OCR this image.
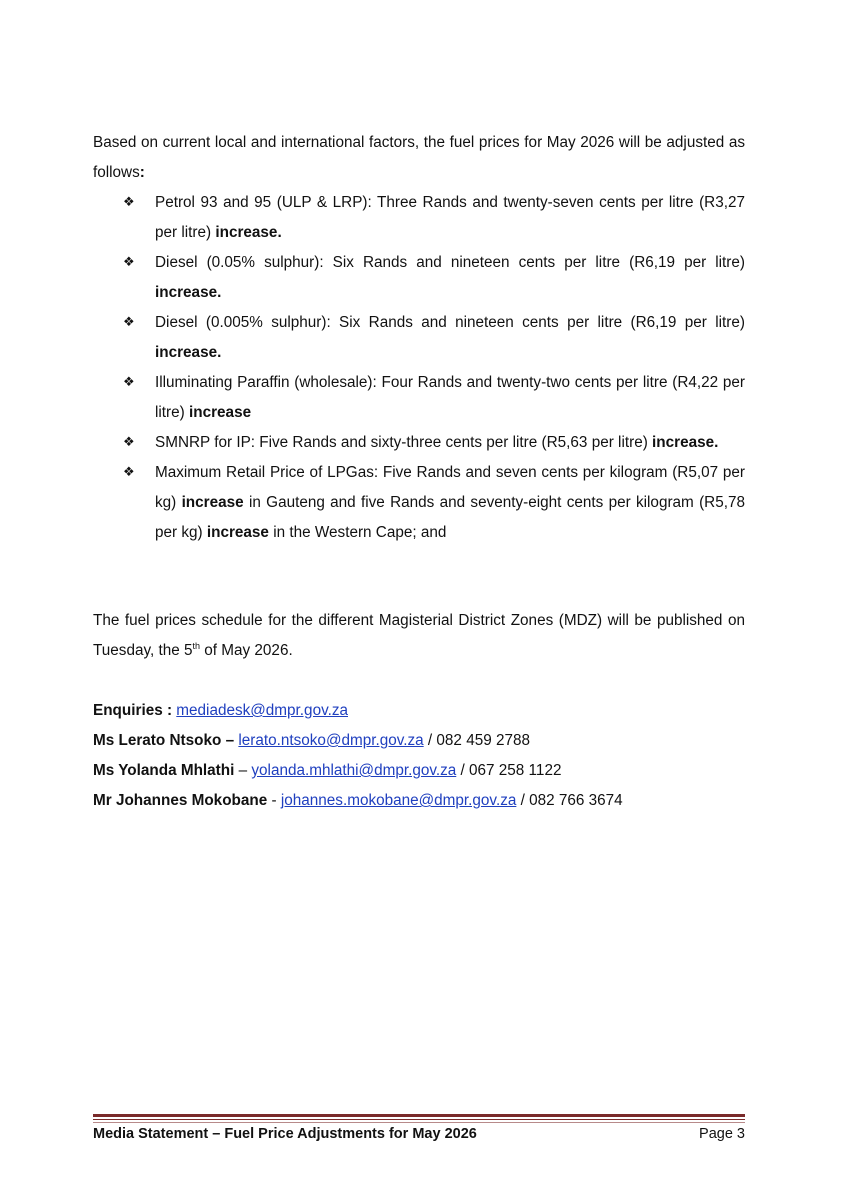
Based on current local and international factors, the fuel prices for May 2026 will be adjusted as follows:

❖ Petrol 93 and 95 (ULP & LRP): Three Rands and twenty-seven cents per litre (R3,27 per litre) increase.
❖ Diesel (0.05% sulphur): Six Rands and nineteen cents per litre (R6,19 per litre) increase.
❖ Diesel (0.005% sulphur): Six Rands and nineteen cents per litre (R6,19 per litre) increase.
❖ Illuminating Paraffin (wholesale): Four Rands and twenty-two cents per litre (R4,22 per litre) increase
❖ SMNRP for IP: Five Rands and sixty-three cents per litre (R5,63 per litre) increase.
❖ Maximum Retail Price of LPGas: Five Rands and seven cents per kilogram (R5,07 per kg) increase in Gauteng and five Rands and seventy-eight cents per kilogram (R5,78 per kg) increase in the Western Cape; and

The fuel prices schedule for the different Magisterial District Zones (MDZ) will be published on Tuesday, the 5th of May 2026.

Enquiries : mediadesk@dmpr.gov.za
Ms Lerato Ntsoko – lerato.ntsoko@dmpr.gov.za / 082 459 2788
Ms Yolanda Mhlathi – yolanda.mhlathi@dmpr.gov.za / 067 258 1122
Mr Johannes Mokobane - johannes.mokobane@dmpr.gov.za / 082 766 3674
Media Statement – Fuel Price Adjustments for May 2026	Page 3
